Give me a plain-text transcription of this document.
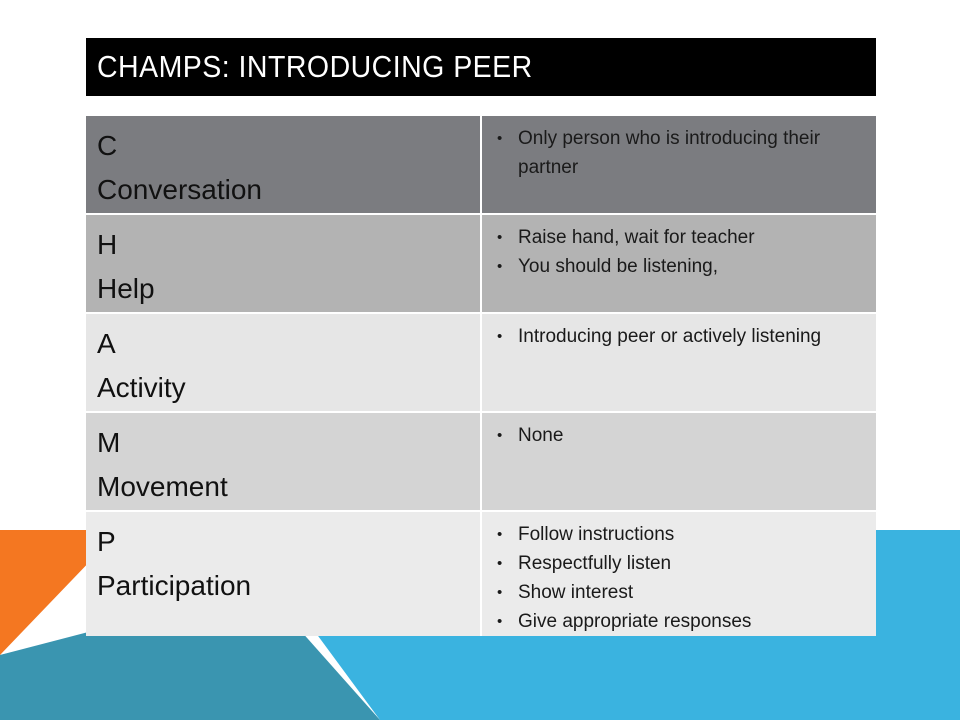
CHAMPS: INTRODUCING PEER
C
Conversation
• Only person who is introducing their partner
H
Help
• Raise hand, wait for teacher
• You should be listening,
A
Activity
• Introducing peer or actively listening
M
Movement
• None
P
Participation
• Follow instructions
• Respectfully listen
• Show interest
• Give appropriate responses
